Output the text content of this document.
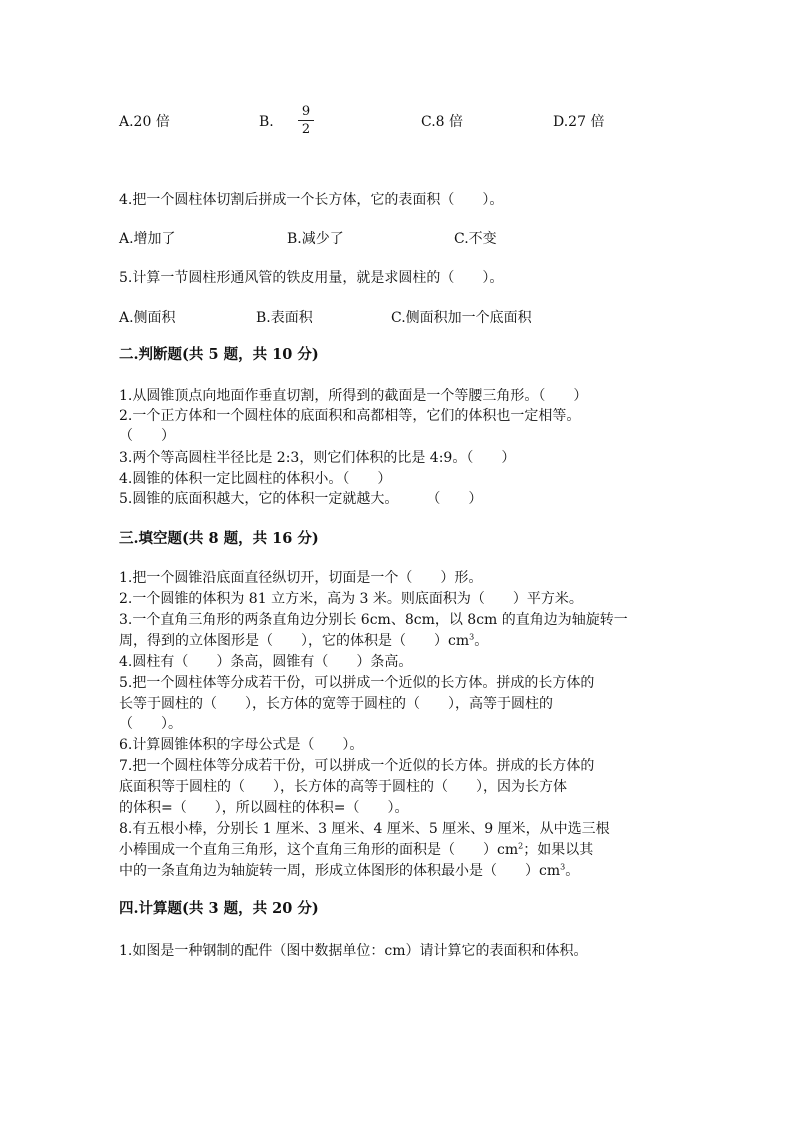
A.20 倍	B.
9
2	C.8 倍	D.27 倍
4.把一个圆柱体切割后拼成一个长方体，它的表面积（　　）。
A.增加了	B.减少了	C.不变
5.计算一节圆柱形通风管的铁皮用量，就是求圆柱的（　　）。
A.侧面积	B.表面积	C.侧面积加一个底面积
二.判断题(共 5 题，共 10 分)
1.从圆锥顶点向地面作垂直切割，所得到的截面是一个等腰三角形。（　　）
2.一个正方体和一个圆柱体的底面积和高都相等，它们的体积也一定相等。
（　　）
3.两个等高圆柱半径比是 2:3，则它们体积的比是 4:9。（　　）
4.圆锥的体积一定比圆柱的体积小。（　　）
5.圆锥的底面积越大，它的体积一定就越大。　　　（　　）
三.填空题(共 8 题，共 16 分)
1.把一个圆锥沿底面直径纵切开，切面是一个（　　）形。
2.一个圆锥的体积为 81 立方米，高为 3 米。则底面积为（　　）平方米。
3.一个直角三角形的两条直角边分别长 6cm、8cm，以 8cm 的直角边为轴旋转一
周，得到的立体图形是（　　），它的体积是（　　）$cm^3$。
4.圆柱有（　　）条高，圆锥有（　　）条高。
5.把一个圆柱体等分成若干份，可以拼成一个近似的长方体。拼成的长方体的
长等于圆柱的（　　），长方体的宽等于圆柱的（　　），高等于圆柱的
（　　）。
6.计算圆锥体积的字母公式是（　　）。
7.把一个圆柱体等分成若干份，可以拼成一个近似的长方体。拼成的长方体的
底面积等于圆柱的（　　），长方体的高等于圆柱的（　　），因为长方体
的体积=（　　），所以圆柱的体积=（　　）。
8.有五根小棒，分别长 1 厘米、3 厘米、4 厘米、5 厘米、9 厘米，从中选三根
小棒围成一个直角三角形，这个直角三角形的面积是（　　）$cm^2$；如果以其
中的一条直角边为轴旋转一周，形成立体图形的体积最小是（　　）$cm^3$。
四.计算题(共 3 题，共 20 分)
1.如图是一种钢制的配件（图中数据单位：cm）请计算它的表面积和体积。
